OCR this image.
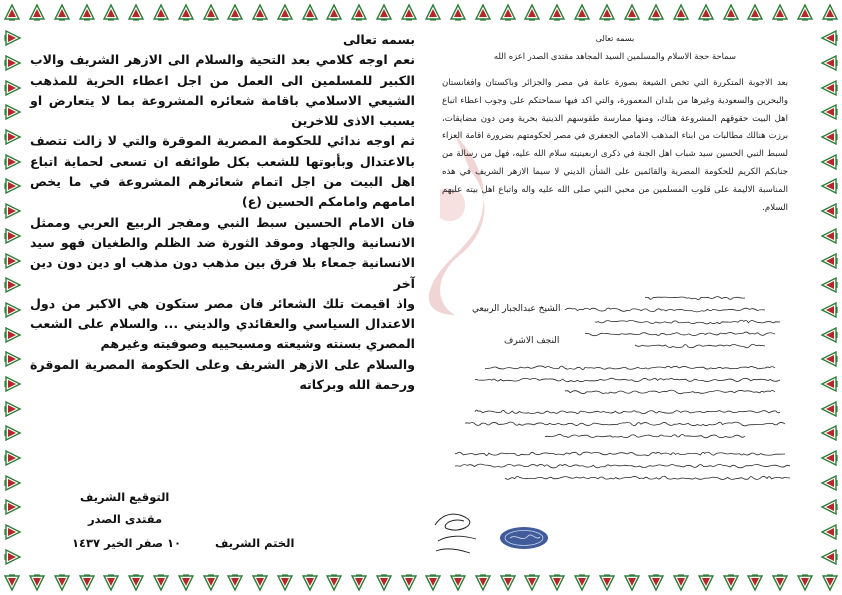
بسمه تعالى

نعم اوجه كلامي بعد التحية والسلام الى الازهر الشريف والاب الكبير للمسلمين الى العمل من اجل اعطاء الحرية للمذهب الشيعي الاسلامي باقامة شعائره المشروعة بما لا يتعارض او يسبب الاذى للاخرين

ثم اوجه ندائي للحكومة المصرية الموقرة والتي لا زالت تتصف بالاعتدال وبأبوتها للشعب بكل طوائفه ان تسعى لحماية اتباع اهل البيت من اجل اتمام شعائرهم المشروعة في ما يخص امامهم وامامكم الحسين (ع)

فان الامام الحسين سبط النبي ومفجر الربيع العربي وممثل الانسانية والجهاد وموقد الثورة ضد الظلم والطغيان فهو سيد الانسانية جمعاء بلا فرق بين مذهب دون مذهب او دين دون دين آخر

واذ اقيمت تلك الشعائر فان مصر ستكون هي الاكبر من دول الاعتدال السياسي والعقائدي والديني ... والسلام على الشعب المصري بسنته وشيعته ومسيحييه وصوفيته وغيرهم

والسلام على الازهر الشريف وعلى الحكومة المصرية الموقرة ورحمة الله وبركاته

التوقيع الشريف
مقتدى الصدر
١٠ صفر الخير ١٤٣٧	الختم الشريف
بسمه تعالى
سماحة حجة الاسلام والمسلمين السيد المجاهد مقتدى الصدر اعزه الله
بعد الاجوبة المتكررة التي تخص الشيعة بصورة عامة في مصر والجزائر وباكستان وافغانستان والبحرين والسعودية وغيرها من بلدان المعمورة، والتي اكد فيها سماحتكم على وجوب اعطاء اتباع اهل البيت حقوقهم المشروعة هناك، ومنها ممارسة طقوسهم الدينية بحرية ومن دون مضايقات، برزت هنالك مطالبات من ابناء المذهب الامامي الجعفري في مصر لحكومتهم بضرورة اقامة العزاء لسبط النبي الحسين سيد شباب اهل الجنة في ذكرى اربعينيته سلام الله عليه، فهل من رسالة من جنابكم الكريم للحكومة المصرية والقائمين على الشأن الديني لا سيما الازهر الشريف في هذه المناسبة الاليمة على قلوب المسلمين من محبي النبي صلى الله عليه واله واتباع اهل بيته عليهم السلام.
الشيخ عبدالجبار الربيعي
النجف الاشرف
